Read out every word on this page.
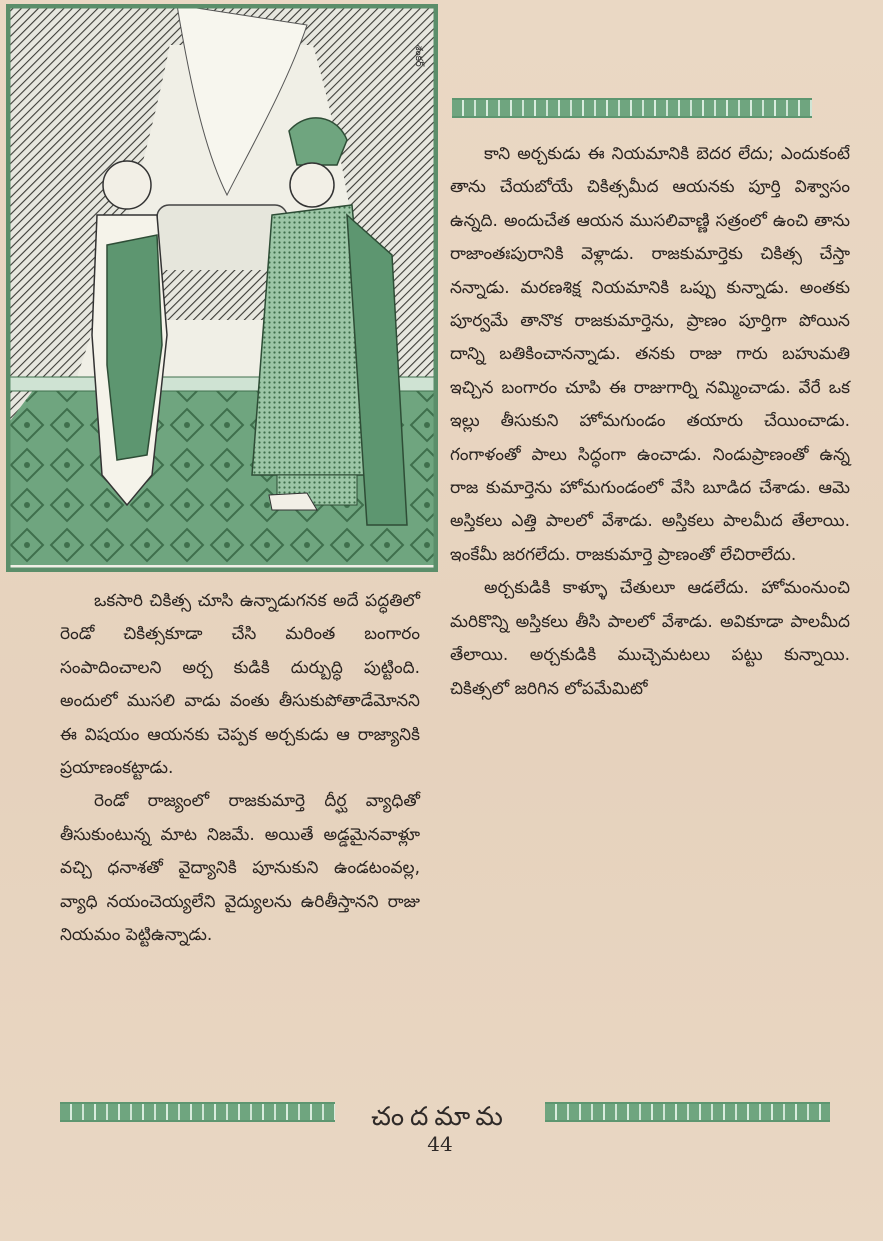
శంకర్

కాని అర్చకుడు ఈ నియమానికి బెదర లేదు; ఎందుకంటే తాను చేయబోయే చికిత్సమీద ఆయనకు పూర్తి విశ్వాసం ఉన్నది. అందుచేత ఆయన ముసలివాణ్ణి సత్రంలో ఉంచి తాను రాజాంతఃపురానికి వెళ్లాడు. రాజకుమార్తెకు చికిత్స చేస్తా నన్నాడు. మరణశిక్ష నియమానికి ఒప్పు కున్నాడు. అంతకు పూర్వమే తానొక రాజకుమార్తెను, ప్రాణం పూర్తిగా పోయిన దాన్ని బతికించానన్నాడు. తనకు రాజు గారు బహుమతి ఇచ్చిన బంగారం చూపి ఈ రాజుగార్ని నమ్మించాడు. వేరే ఒక ఇల్లు తీసుకుని హోమగుండం తయారు చేయించాడు. గంగాళంతో పాలు సిద్ధంగా ఉంచాడు. నిండుప్రాణంతో ఉన్న రాజ కుమార్తెను హోమగుండంలో వేసి బూడిద చేశాడు. ఆమె అస్తికలు ఎత్తి పాలలో వేశాడు. అస్తికలు పాలమీద తేలాయి. ఇంకేమీ జరగలేదు. రాజకుమార్తె ప్రాణంతో లేచిరాలేదు.

అర్చకుడికి కాళ్ళూ చేతులూ ఆడలేదు. హోమంనుంచి మరికొన్ని అస్తికలు తీసి పాలలో వేశాడు. అవికూడా పాలమీద తేలాయి. అర్చకుడికి ముచ్చెమటలు పట్టు కున్నాయి. చికిత్సలో జరిగిన లోపమేమిటో

ఒకసారి చికిత్స చూసి ఉన్నాడుగనక అదే పద్ధతిలో రెండో చికిత్సకూడా చేసి మరింత బంగారం సంపాదించాలని అర్చ కుడికి దుర్బుద్ధి పుట్టింది. అందులో ముసలి వాడు వంతు తీసుకుపోతాడేమోనని ఈ విషయం ఆయనకు చెప్పక అర్చకుడు ఆ రాజ్యానికి ప్రయాణంకట్టాడు.

రెండో రాజ్యంలో రాజకుమార్తె దీర్ఘ వ్యాధితో తీసుకుంటున్న మాట నిజమే. అయితే అడ్డమైనవాళ్లూ వచ్చి ధనాశతో వైద్యానికి పూనుకుని ఉండటంవల్ల, వ్యాధి నయంచెయ్యలేని వైద్యులను ఉరితీస్తానని రాజు నియమం పెట్టిఉన్నాడు.

చందమామ
44
